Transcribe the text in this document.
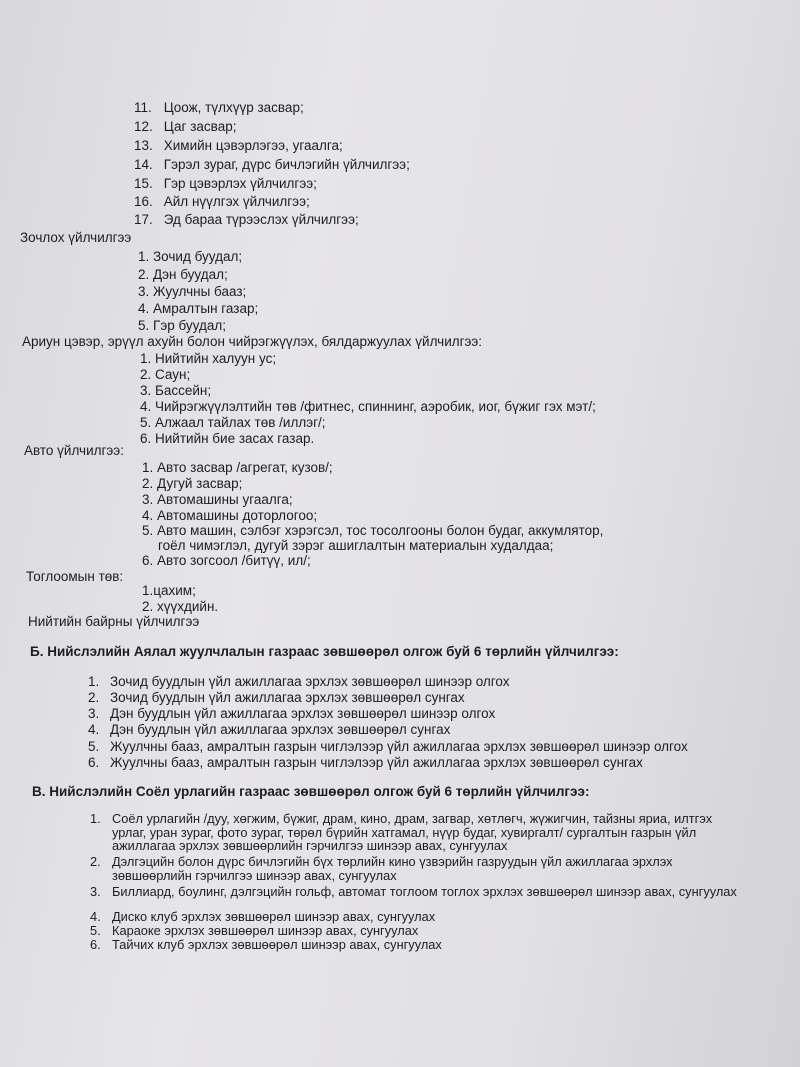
11. Цоож, түлхүүр засвар;
12. Цаг засвар;
13. Химийн цэвэрлэгээ, угаалга;
14. Гэрэл зураг, дүрс бичлэгийн үйлчилгээ;
15. Гэр цэвэрлэх үйлчилгээ;
16. Айл нүүлгэх үйлчилгээ;
17. Эд бараа түрээслэх үйлчилгээ;
Зочлох үйлчилгээ
1. Зочид буудал;
2. Дэн буудал;
3. Жуулчны бааз;
4. Амралтын газар;
5. Гэр буудал;
Ариун цэвэр, эрүүл ахуйн болон чийрэгжүүлэх, бялдаржуулах үйлчилгээ:
1. Нийтийн халуун ус;
2. Саун;
3. Бассейн;
4. Чийрэгжүүлэлтийн төв /фитнес, спиннинг, аэробик, иог, бүжиг гэх мэт/;
5. Алжаал тайлах төв /иллэг/;
6. Нийтийн бие засах газар.
Авто үйлчилгээ:
1. Авто засвар /агрегат, кузов/;
2. Дугуй засвар;
3. Автомашины угаалга;
4. Автомашины доторлогоо;
5. Авто машин, сэлбэг хэрэгсэл, тос тосолгооны болон будаг, аккумлятор,
гоёл чимэглэл, дугуй зэрэг ашиглалтын материалын худалдаа;
6. Авто зогсоол /битүү, ил/;
Тоглоомын төв:
1.цахим;
2. хүүхдийн.
Нийтийн байрны үйлчилгээ
Б. Нийслэлийн Аялал жуулчлалын газраас зөвшөөрөл олгож буй 6 төрлийн үйлчилгээ:
1. Зочид буудлын үйл ажиллагаа эрхлэх зөвшөөрөл шинээр олгох
2. Зочид буудлын үйл ажиллагаа эрхлэх зөвшөөрөл сунгах
3. Дэн буудлын үйл ажиллагаа эрхлэх зөвшөөрөл шинээр олгох
4. Дэн буудлын үйл ажиллагаа эрхлэх зөвшөөрөл сунгах
5. Жуулчны бааз, амралтын газрын чиглэлээр үйл ажиллагаа эрхлэх зөвшөөрөл шинээр олгох
6. Жуулчны бааз, амралтын газрын чиглэлээр үйл ажиллагаа эрхлэх зөвшөөрөл сунгах
В. Нийслэлийн Соёл урлагийн газраас зөвшөөрөл олгож буй 6 төрлийн үйлчилгээ:
1. Соёл урлагийн /дуу, хөгжим, бүжиг, драм, кино, драм, загвар, хөтлөгч, жүжигчин, тайзны яриа, илтгэх урлаг, уран зураг, фото зураг, төрөл бүрийн хатгамал, нүүр будаг, хувиргалт/ сургалтын газрын үйл ажиллагаа эрхлэх зөвшөөрлийн гэрчилгээ шинээр авах, сунгуулах
2. Дэлгэцийн болон дүрс бичлэгийн бүх төрлийн кино үзвэрийн газруудын үйл ажиллагаа эрхлэх зөвшөөрлийн гэрчилгээ шинээр авах, сунгуулах
3. Биллиард, боулинг, дэлгэцийн гольф, автомат тоглоом тоглох эрхлэх зөвшөөрөл шинээр авах, сунгуулах
4. Диско клуб эрхлэх зөвшөөрөл шинээр авах, сунгуулах
5. Караоке эрхлэх зөвшөөрөл шинээр авах, сунгуулах
6. Тайчих клуб эрхлэх зөвшөөрөл шинээр авах, сунгуулах
